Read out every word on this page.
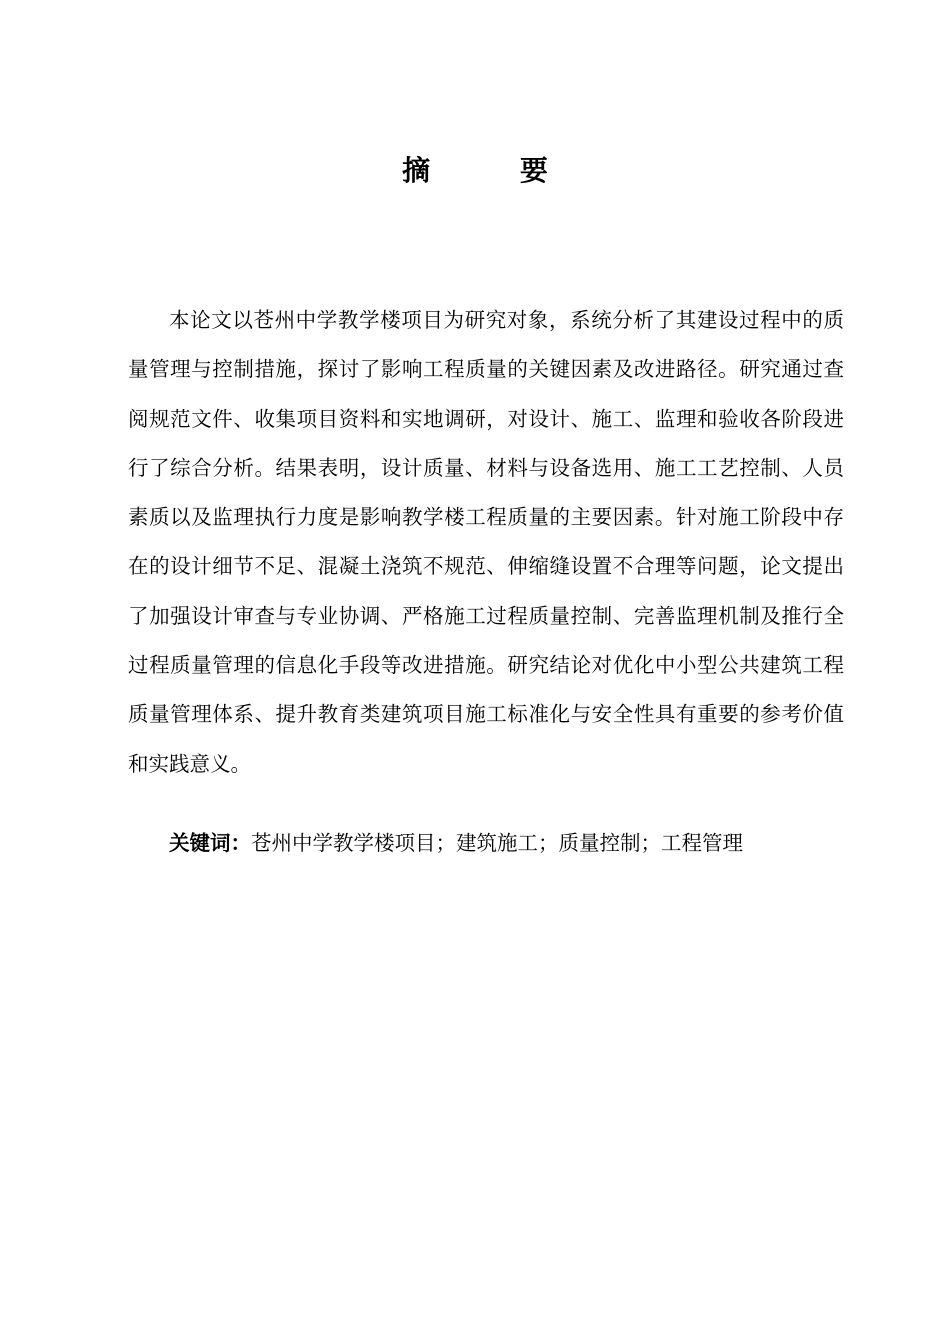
摘 要

本论文以苍州中学教学楼项目为研究对象，系统分析了其建设过程中的质量管理与控制措施，探讨了影响工程质量的关键因素及改进路径。研究通过查阅规范文件、收集项目资料和实地调研，对设计、施工、监理和验收各阶段进行了综合分析。结果表明，设计质量、材料与设备选用、施工工艺控制、人员素质以及监理执行力度是影响教学楼工程质量的主要因素。针对施工阶段中存在的设计细节不足、混凝土浇筑不规范、伸缩缝设置不合理等问题，论文提出了加强设计审查与专业协调、严格施工过程质量控制、完善监理机制及推行全过程质量管理的信息化手段等改进措施。研究结论对优化中小型公共建筑工程质量管理体系、提升教育类建筑项目施工标准化与安全性具有重要的参考价值和实践意义。

关键词：苍州中学教学楼项目；建筑施工；质量控制；工程管理
